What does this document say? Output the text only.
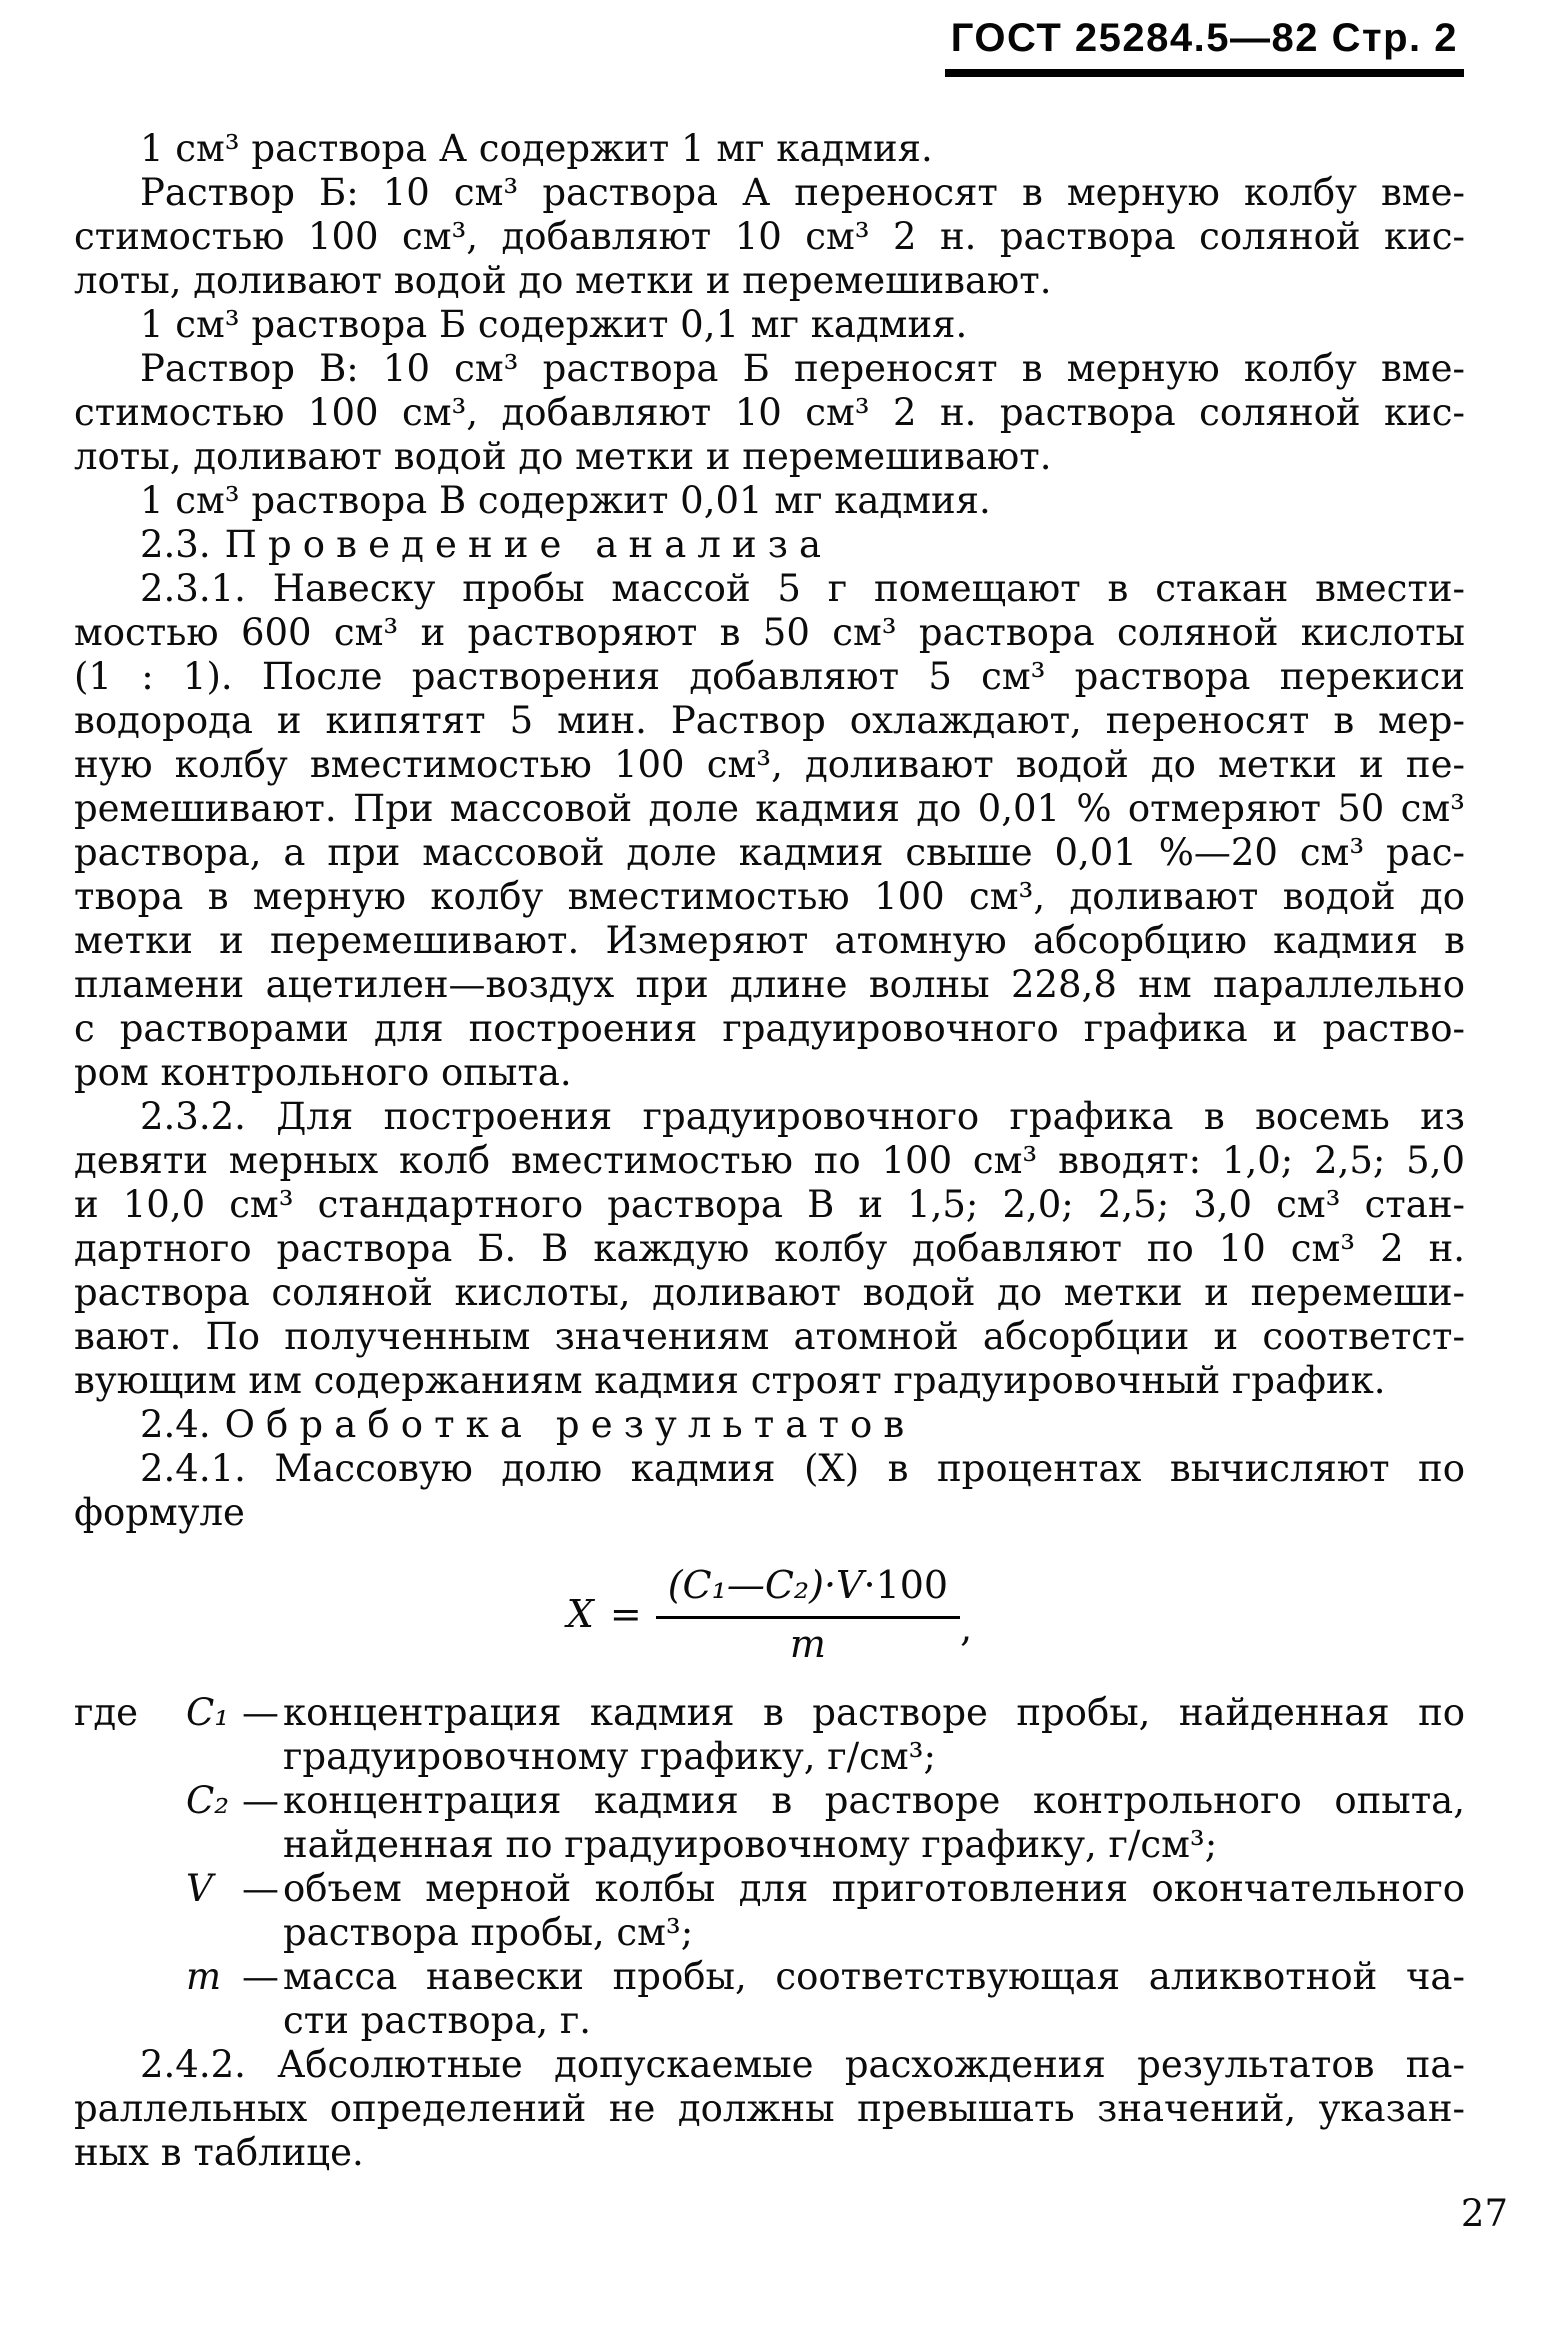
ГОСТ 25284.5—82 Стр. 2
1 см³ раствора А содержит 1 мг кадмия.
Раствор Б: 10 см³ раствора А переносят в мерную колбу вме-
стимостью 100 см³, добавляют 10 см³ 2 н. раствора соляной кис-
лоты, доливают водой до метки и перемешивают.
1 см³ раствора Б содержит 0,1 мг кадмия.
Раствор В: 10 см³ раствора Б переносят в мерную колбу вме-
стимостью 100 см³, добавляют 10 см³ 2 н. раствора соляной кис-
лоты, доливают водой до метки и перемешивают.
1 см³ раствора В содержит 0,01 мг кадмия.
2.3. Проведение анализа
2.3.1. Навеску пробы массой 5 г помещают в стакан вмести-
мостью 600 см³ и растворяют в 50 см³ раствора соляной кислоты
(1 : 1). После растворения добавляют 5 см³ раствора перекиси
водорода и кипятят 5 мин. Раствор охлаждают, переносят в мер-
ную колбу вместимостью 100 см³, доливают водой до метки и пе-
ремешивают. При массовой доле кадмия до 0,01 % отмеряют 50 см³
раствора, а при массовой доле кадмия свыше 0,01 %—20 см³ рас-
твора в мерную колбу вместимостью 100 см³, доливают водой до
метки и перемешивают. Измеряют атомную абсорбцию кадмия в
пламени ацетилен—воздух при длине волны 228,8 нм параллельно
с растворами для построения градуировочного графика и раство-
ром контрольного опыта.
2.3.2. Для построения градуировочного графика в восемь из
девяти мерных колб вместимостью по 100 см³ вводят: 1,0; 2,5; 5,0
и 10,0 см³ стандартного раствора В и 1,5; 2,0; 2,5; 3,0 см³ стан-
дартного раствора Б. В каждую колбу добавляют по 10 см³ 2 н.
раствора соляной кислоты, доливают водой до метки и перемеши-
вают. По полученным значениям атомной абсорбции и соответст-
вующим им содержаниям кадмия строят градуировочный график.
2.4. Обработка результатов
2.4.1. Массовую долю кадмия (X) в процентах вычисляют по
формуле
$X = \frac{\text{(C₁—C₂)·V·100}}{m}$ ,
где C₁ — концентрация кадмия в растворе пробы, найденная по
градуировочному графику, г/см³;
C₂ — концентрация кадмия в растворе контрольного опыта,
найденная по градуировочному графику, г/см³;
V — объем мерной колбы для приготовления окончательного
раствора пробы, см³;
m — масса навески пробы, соответствующая аликвотной ча-
сти раствора, г.
2.4.2. Абсолютные допускаемые расхождения результатов па-
раллельных определений не должны превышать значений, указан-
ных в таблице.
27
